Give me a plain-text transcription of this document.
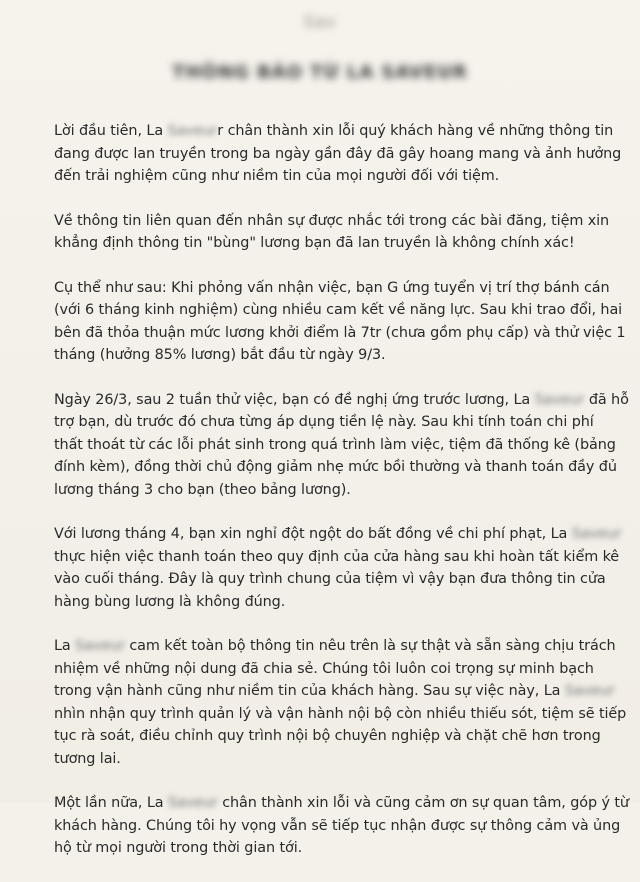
Sav
THÔNG BÁO TỪ LA SAVEUR

Lời đầu tiên, La Saveurr chân thành xin lỗi quý khách hàng về những thông tin
đang được lan truyền trong ba ngày gần đây đã gây hoang mang và ảnh hưởng
đến trải nghiệm cũng như niềm tin của mọi người đối với tiệm.

Về thông tin liên quan đến nhân sự được nhắc tới trong các bài đăng, tiệm xin
khẳng định thông tin "bùng" lương bạn đã lan truyền là không chính xác!

Cụ thể như sau: Khi phỏng vấn nhận việc, bạn G ứng tuyển vị trí thợ bánh cán
(với 6 tháng kinh nghiệm) cùng nhiều cam kết về năng lực. Sau khi trao đổi, hai
bên đã thỏa thuận mức lương khởi điểm là 7tr (chưa gồm phụ cấp) và thử việc 1
tháng (hưởng 85% lương) bắt đầu từ ngày 9/3.

Ngày 26/3, sau 2 tuần thử việc, bạn có đề nghị ứng trước lương, La Saveur đã hỗ
trợ bạn, dù trước đó chưa từng áp dụng tiền lệ này. Sau khi tính toán chi phí
thất thoát từ các lỗi phát sinh trong quá trình làm việc, tiệm đã thống kê (bảng
đính kèm), đồng thời chủ động giảm nhẹ mức bồi thường và thanh toán đầy đủ
lương tháng 3 cho bạn (theo bảng lương).

Với lương tháng 4, bạn xin nghỉ đột ngột do bất đồng về chi phí phạt, La Saveur
thực hiện việc thanh toán theo quy định của cửa hàng sau khi hoàn tất kiểm kê
vào cuối tháng. Đây là quy trình chung của tiệm vì vậy bạn đưa thông tin cửa
hàng bùng lương là không đúng.

La Saveur cam kết toàn bộ thông tin nêu trên là sự thật và sẵn sàng chịu trách
nhiệm về những nội dung đã chia sẻ. Chúng tôi luôn coi trọng sự minh bạch
trong vận hành cũng như niềm tin của khách hàng. Sau sự việc này, La Saveur
nhìn nhận quy trình quản lý và vận hành nội bộ còn nhiều thiếu sót, tiệm sẽ tiếp
tục rà soát, điều chỉnh quy trình nội bộ chuyên nghiệp và chặt chẽ hơn trong
tương lai.

Một lần nữa, La Saveur chân thành xin lỗi và cũng cảm ơn sự quan tâm, góp ý từ
khách hàng. Chúng tôi hy vọng vẫn sẽ tiếp tục nhận được sự thông cảm và ủng
hộ từ mọi người trong thời gian tới.
